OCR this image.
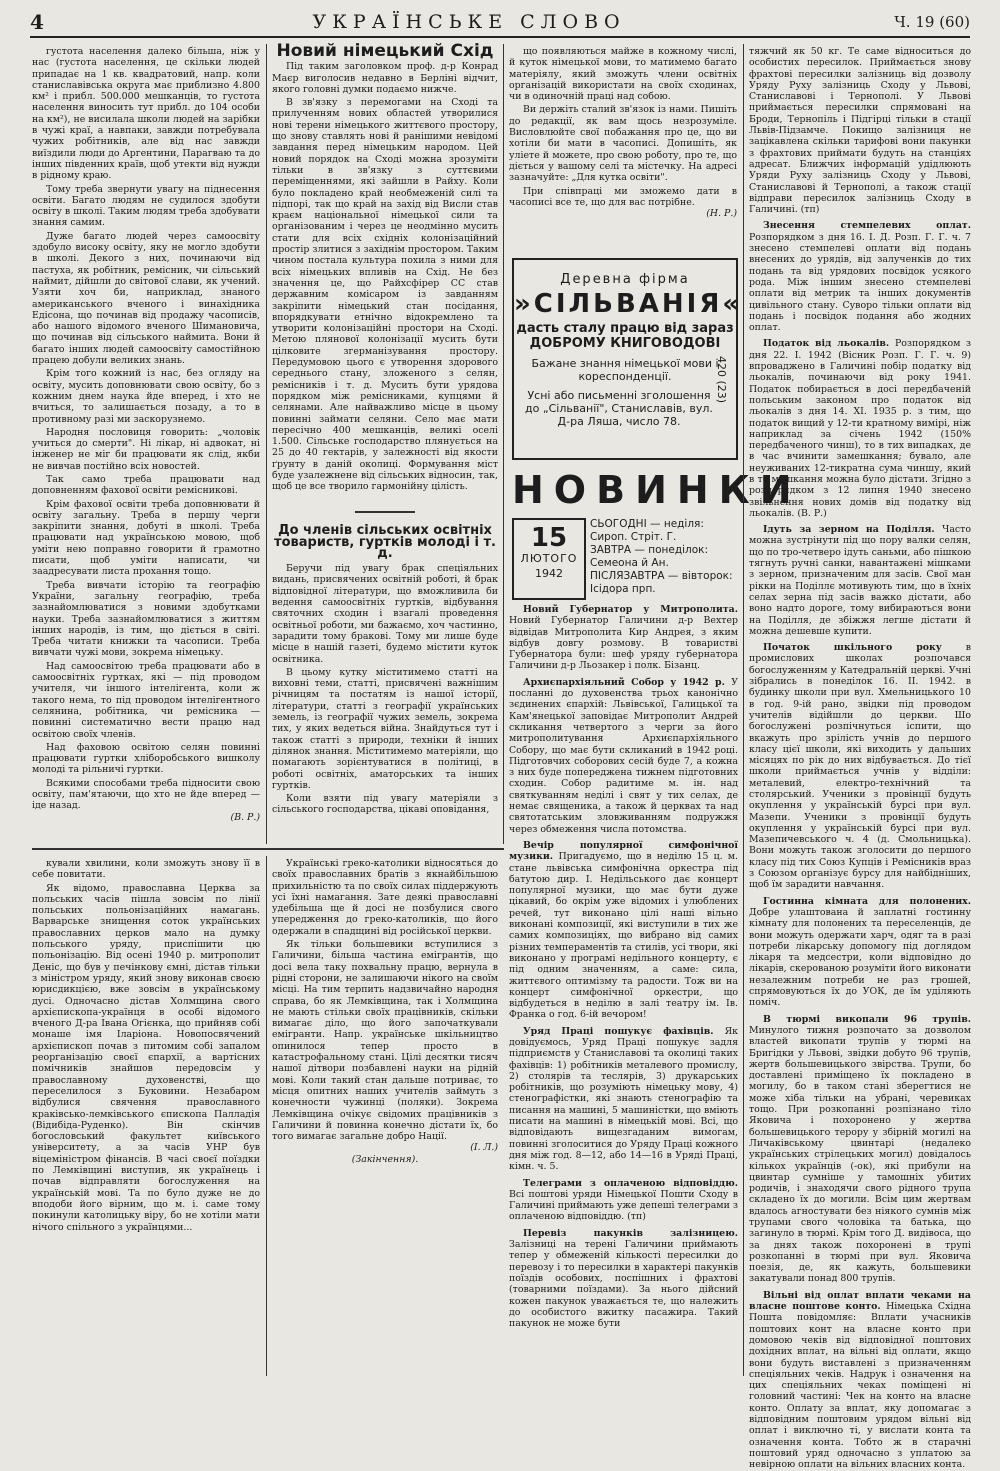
4	УКРАЇНСЬКЕ СЛОВО	Ч. 19 (60)

густота населення далеко більша, ніж у нас (густота населення, це скільки людей припадає на 1 кв. квадратовий, напр. коли станиславівська округа має приблизно 4.800 км² і прибл. 500.000 мешканців, то густота населення виносить тут прибл. до 104 особи на км²), не висилала школи людей на зарібки в чужі краї, а навпаки, завжди потребувала чужих робітників, але від нас завжди виїздили люди до Аргентини, Парагваю та до інших південних країв, щоб утекти від нужди в рідному краю.

Тому треба звернути увагу на піднесення освіти. Багато людям не судилося здобути освіту в школі. Таким людям треба здобувати знання самим.

Дуже багато людей через самоосвіту здобуло високу освіту, яку не могло здобути в школі. Декого з них, починаючи від пастуха, як робітник, ремісник, чи сільський наймит, дійшли до світової слави, як учений. Узяти хоч би, наприклад, знаного американського вченого і винахідника Едісона, що починав від продажу часописів, або нашого відомого вченого Шимановича, що починав від сільського наймита. Вони й багато інших людей самоосвіту самостійною працею добули великих знань.

Крім того кожний із нас, без огляду на освіту, мусить доповнювати свою освіту, бо з кожним днем наука йде вперед, і хто не вчиться, то залишається позаду, а то в противному разі ми заскорузнемо.

Народня пословиця говорить: „чоловік учиться до смерти". Ні лікар, ні адвокат, ні інженер не міг би працювати як слід, якби не вивчав постійно всіх новостей.

Так само треба працювати над доповненням фахової освіти ремісникові.

Крім фахової освіти треба доповнювати й освіту загальну. Треба в першу черги закріпити знання, добуті в школі. Треба працювати над українською мовою, щоб уміти нею поправно говорити й грамотно писати, щоб уміти написати, чи заадресувати листа прохання тощо.

Треба вивчати історію та географію України, загальну географію, треба зазнайомлюватися з новими здобутками науки. Треба зазнайомлюватися з життям інших народів, із тим, що діється в світі. Треба читати книжки та часописи. Треба вивчати чужі мови, зокрема німецьку.

Над самоосвітою треба працювати або в самоосвітніх гуртках, які — під проводом учителя, чи іншого інтелігента, коли ж такого нема, то під проводом інтелігентного селянина, робітника, чи ремісника — повинні систематично вести працю над освітою своїх членів.

Над фаховою освітою селян повинні працювати гуртки хліборобського вишколу молоді та рільничі гуртки.

Всякими способами треба підносити свою освіту, пам'ятаючи, що хто не йде вперед — іде назад.

(В. Р.)
Новий німецький Схід

Під таким заголовком проф. д-р Конрад Маєр виголосив недавно в Берліні відчит, якого головні думки подаємо нижче.

В зв'язку з перемогами на Сході та прилученням нових областей утворилися нові терени німецького життєвого простору, що знову ставлять нові й ранішими невідомі завдання перед німецьким народом. Цей новий порядок на Сході можна зрозуміти тільки в зв'язку з суттєвими переміщеннями, які зайшли в Райху. Коли було покладено край необмеженій силі та підпорі, так що край на захід від Висли став краєм національної німецької сили та організованим і через це неодмінно мусить стати для всіх східніх колонізаційний простір злитися з західнім простором. Таким чином постала культура похила з ними для всіх німецьких впливів на Схід. Не без значення це, що Райхсфірер СС став державним комісаром із завданням закріпити німецький стан посідання, впорядкувати етнічно відокремлено та утворити колонізаційні простори на Сході. Метою плянової колонізації мусить бути цілковите згерманізування простору. Передумовою цього є утворення здорового середнього стану, зложеного з селян, ремісників і т. д. Мусить бути урядова порядком між ремісниками, купцями й селянами. Але найважливо місце в цьому повинні займати селяни. Село має мати пересічно 400 мешканців, великі оселі 1.500. Сільське господарство плянується на 25 до 40 гектарів, у залежності від якости ґрунту в даній околиці. Формування міст буде узалежнене від сільських відносин, так, щоб це все творило гармонійну цілість.

До членів сільських освітніх товариств, гуртків молоді і т. д.

Беручи під увагу брак спеціяльних видань, присвячених освітній роботі, й брак відповідної літератури, що вможливила би ведення самоосвітніх гуртків, відбування святочних сходин і взагалі проведення освітньої роботи, ми бажаємо, хоч частинно, зарадити тому бракові. Тому ми лише буде місце в нашій газеті, будемо містити куток освітника.

В цьому кутку міститимемо статті на виховні теми, статті, присвячені важнішим річницям та постатям із нашої історії, літератури, статті з географії українських земель, із географії чужих земель, зокрема тих, у яких ведеться війна. Знайдуться тут і також статті з природи, техніки й інших ділянок знання. Міститимемо матеріяли, що помагають зорієнтуватися в політиці, в роботі освітніх, аматорських та інших гуртків.

Коли взяти під увагу матеріяли з сільського господарства, цікаві оповідання,

що появляються майже в кожному числі, й куток німецької мови, то матимемо багато матеріялу, який зможуть члени освітніх організацій використати на своїх сходинах, чи в одиночній праці над собою.

Ви держіть сталий зв'язок із нами. Пишіть до редакції, як вам щось незрозуміле. Висловлюйте свої побажання про це, що ви хотіли би мати в часописі. Допишіть, як уліете й можете, про свою роботу, про те, що діється у вашому селі та містечку. На адресі зазначуйте: „Для кутка освіти".

При співпраці ми зможемо дати в часописі все те, що для вас потрібне.

(Н. Р.)
Деревна фірма
»СІЛЬВАНІЯ«
дасть сталу працю від зараз
ДОБРОМУ КНИГОВОДОВІ
Бажане знання німецької мови і кореспонденції.
Усні або письменні зголошення до „Сільванії", Станиславів, вул. Д-ра Ляшa, число 78.
420 (23)
НОВИНКИ
15
ЛЮТОГО
1942
СЬОГОДНІ — неділя: Сироп. Стріт. Г.
ЗАВТРА — понеділок: Семеона й Ан.
ПІСЛЯЗАВТРА — вівторок: Ісідора прп.

Новий Губернатор у Митрополита. Новий Губернатор Галичини д-р Вехтер відвідав Митрополита Кир Андрея, з яким відбув довгу розмову. В товаристві Губернатора були: шеф уряду губернатора Галичини д-р Льозакер і полк. Бізанц.

Архиєпархіяльний Собор у 1942 р. У посланні до духовенства трьох канонічно зєдинених єпархій: Львівської, Галицької та Кам'янецької заповідає Митрополит Андрей скликання четвертого з черги за його митрополитування Архиєпархіяльного Собору, що має бути скликаний в 1942 році. Підготовчих соборових сесій буде 7, а кожна з них буде попереджена тижнем підготовних сходин. Собор радитиме м. ін. над святкуванням неділі і свят у тих селах, де немає священика, а також й церквах та над святотатським зловживанням подружжя через обмеження числа потомства.

Вечір популярної симфонічної музики. Пригадуємо, що в неділю 15 ц. м. стане львівська симфонічна оркестра під батутою дир. І. Недільського дає концерт популярної музики, що має бути дуже цікавий, бо окрім уже відомих і улюблених речей, тут виконано цілі наші вільно виконані композиції, які виступили в тих же самих композиціях, що вибрано від самих різних темпераментів та стилів, усі твори, які виконано у програмі недільного концерту, є під одним значенням, а саме: сила, життєвого оптимізму та радости. Тож ви на концерт симфонічної оркестри, що відбудеться в неділю в залі театру ім. Ів. Франка о год. 6-ій вечором!

Уряд Праці пошукує фахівців. Як довідуємось, Уряд Праці пошукує задля підприємств у Станиславові та околиці таких фахівців: 1) робітників металевого промислу, 2) столярів та теслярів, 3) друкарських робітників, що розуміють німецьку мову, 4) стенографістки, які знають стенографію та писання на машині, 5 машиністки, що вміють писати на машині в німецькій мові. Всі, що відповідають вищезгаданим вимогам, повинні зголоситися до Уряду Праці кожного дня між год. 8—12, або 14—16 в Уряді Праці, кімн. ч. 5.

Телеграми з оплаченою відповіддю. Всі поштові уряди Німецької Пошти Сходу в Галичині приймають уже депеші телеграми з оплаченою відповіддю. (тп)

Перевіз пакунків залізницею. Залізниці на терені Галичини приймають тепер у обмеженій кількості пересилки до перевозу і то пересилки в характері пакунків поїздів особових, поспішних і фрахтові (товарними поїздами). За нього дійсний кожен пакунок уважається те, що належить до особистого вжитку пасажира. Такий пакунок не може бути

тяжчий як 50 кг. Те саме відноситься до особистих пересилок. Приймається знову фрахтові пересилки залізниць від дозволу Уряду Руху залізниць Сходу у Львові, Станиславові і Тернополі. У Львові приймається пересилки спрямовані на Броди, Тернопіль і Підгірці тільки в стації Львів-Підзамче. Покищо залізниця не зацікавлена скільки тарифові вони пакунки з фрахтових приймати будуть на станціях адресат. Ближчих інформацій удідлюють Уряди Руху залізниць Сходу у Львові, Станиславові й Тернополі, а також стації відправи пересилок залізниць Сходу в Галичині. (тп)

Знесення стемпелевих оплат. Розпорядком з дня 16. І. Д. Розп. Г. Г. ч. 7 знесено стемпелеві оплати від подань внесених до урядів, від залученків до тих подань та від урядових посвідок усякого рода. Між іншим знесено стемпелеві оплати від метрик та інших документів цивільного стану. Суворо тільки оплати від подань і посвідок подання або жодних оплат.

Податок від льокалів. Розпорядком з дня 22. І. 1942 (Вісник Розп. Г. Г. ч. 9) впроваджено в Галичині побір податку від льокалів, починаючи від року 1941. Податок побирається в досі передбаченій польським законом про податок від льокалів з дня 14. XI. 1935 р. з тим, що податок вищий у 12-ти кратному вимірі, ніж наприклад за січень 1942 (150% передбаченого чинш), то в тих випадках, де в час вчинити замешкання; бувало, але неуживаних 12-тикратна сума чиншу, який в те мешкання можна було дістати. Згідно з розпорядком з 12 липня 1940 знесено звільнення нових домів від податку від льокалів. (В. Р.)

Ідуть за зерном на Поділля. Часто можна зустрінути під що пору валки селян, що по тро-четверо ідуть саньми, або пішкою тягнуть ручні санки, навантажені мішками з зерном, призначеним для засів. Свої ман рікки на Поділлє мотивують тим, що в їхніх селах зерна під засів важко дістати, або воно надто дороге, тому вибираються вони на Поділля, де збіжжя легше дістати й можна дешевше купити.

Початок шкільного року в промислових школах розпочався богослуженням у Катедральній церкві. Учні зібрались в понеділок 16. II. 1942. в будинку школи при вул. Хмельницького 10 в год. 9-ій рано, звідки під проводом учителів відійшли до церкви. Шо богослужені розпічнуться іспити, що вкажуть про зрілість учнів до першого класу цієї школи, які виходить у дальших місяцях по рік до них відбувається. До тієї школи приймається учнів у відділи: металевий, електро-технічний та столярський. Ученики з провінції будуть окуплення у українській бурсі при вул. Мазепи. Ученики з провінції будуть окуплення у українській бурсі при вул. Мазепичевського ч. 4 (д. Смольницька). Вони можуть також зголосити до першого класу під тих Союз Купців і Ремісників враз з Союзом організує бурсу для найбідніших, щоб їм зарадити навчання.

Гостинна кімната для полонених. Добре улаштована й заплатні гостинну кімнату для полонених та переселенців, де вони можуть одержати харч, одяг та в разі потреби лікарську допомогу під доглядом лікаря та медсестри, коли відповідно до лікарів, скерованою розуміти його виконати незалежним потреби не раз грошей, спрямовуються їх до УОК, де їм уділяють поміч.

В тюрмі викопали 96 трупів. Минулого тижня розпочато за дозволом властей викопати трупів у тюрмі на Бригідки у Львові, звідки добуто 96 трупів, жертв большевицького звірства. Трупи, бо доставлені приміщено їх покладено в могилу, бо в таком стані зберегтися не може хіба тільки на убрані, черевиках тощо. При розкопанні розпізнано тіло Яковича і похоронено у жертва большевицького терору у збірній могилі на Личаківському цвинтарі (недалеко українських стрілецьких могил) довідалось кількох українців (-ок), які прибули на цвинтар сумніше у тамошніх убитих родичів, і знаходячи свого рідного трупа складено їх до могили. Всім цим жертвам вдалось агностувати без ніякого сумнів між трупами свого чоловіка та батька, що загинуло в тюрмі. Крім того Д. видівоса, що за днях також похоронені в трупі розкопанні в тюрмі при вул. Яковича поезія, де, як кажуть, большевики закатували понад 800 трупів.

Вільні від оплат вплати чеками на власне поштове конто. Німецька Східна Пошта повідомляє: Вплати учасників поштових конт на власне конто при домовою чеків від відповідної поштових дохідних вплат, на вільні від оплати, якщо вони будуть виставлені з призначенням спеціяльних чеків. Надрук і означення на цих спеціяльних чеках поміщені ні головний частині: Чек на конто на власне конто. Оплату за вплат, яку допомагає з відповідним поштовим урядом вільні від оплат і виключно ті, у вислати конта та означення конта. Тобто ж в старачні поштовий уряд одночасно з уплатою за невірною оплати на вільних власних конта.

кували хвилини, коли зможуть знову її в себе повитати.

Як відомо, православна Церква за польських часів пішла зовсім по лінії польських польонізаційних намагань. Варварське знищення соток українських православних церков мало на думку польського уряду, приспішити цю польонізацію. Від осені 1940 р. митрополит Деніс, що був у печінкову ємні, дістав тільки з міністром уряду, який знову виконав своєю юрисдикцією, вже зовсім в українському дусі. Одночасно дістав Холмщина свого архієпископа-українця в особі відомого вченого Д-ра Івана Огієнка, що прийняв собі монаше імя Іларіона. Новопосвячений архієпископ почав з питомим собі запалом реорганізацію своєї єпархії, а вартісних помічників знайшов передовсім у православному духовенстві, що переселилося з Буковини. Незабаром відбулися свячення православного краківсько-лемківського єпископа Палладія (Відибіда-Руденко). Він скінчив богословський факультет київського університету, а за часів УНР був віцеміністром фінансів. В часі своєї поїздки по Лемківщині виступив, як українець і почав відправляти богослуження на українській мові. Та по було дуже не до вподоби його вірним, що м. і. саме тому покинули католицьку віру, бо не хотіли мати нічого спільного з українцями...

Українські греко-католики відносяться до своїх православних братів з якнайбільшою прихильністю та по своїх силах піддержують усі їхні намагання. Зате деякі православні удебільша ще й досі не позбулися свого упередження до греко-католиків, що його одержали в спадщині від російської церкви.

Як тільки большевики вступилися з Галичини, більша частина емігрантів, що досі вела таку похвальну працю, вернула в рідні сторони, не залишаючи нікого на своїм місці. На тим терпить надзвичайно народня справа, бо як Лемківщина, так і Холмщина не мають стільки своїх працівників, скільки вимагає діло, що його започаткували емігранти. Напр. українське шкільництво опинилося тепер просто в катастрофальному стані. Цілі десятки тисяч нашої дітвори позбавлені науки на рідній мові. Коли такий стан дальше потриває, то місця опитних наших учителів займуть з конечности чужинці (поляки). Зокрема Лемківщина очікує свідомих працівників з Галичини й повинна конечно дістати їх, бо того вимагає загальне добро Нації.

(І. Л.)
(Закінчення).
